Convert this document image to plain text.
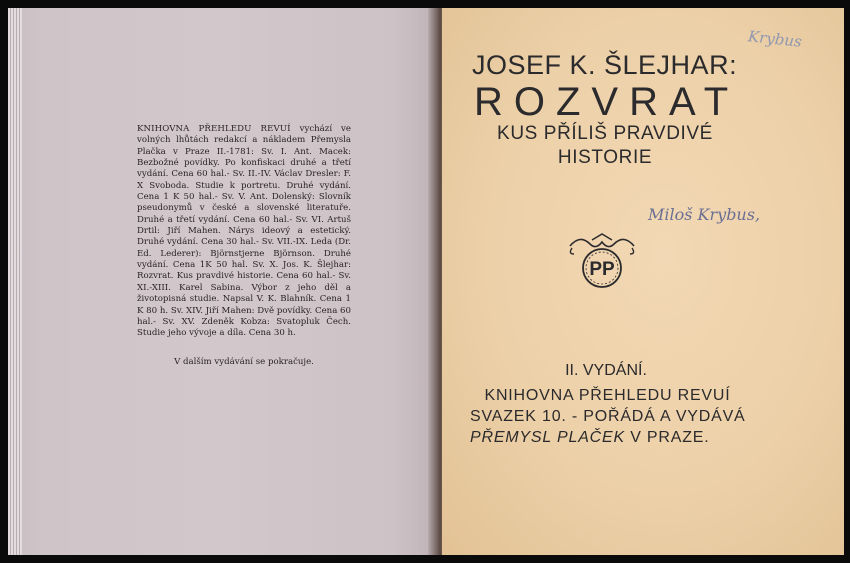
KNIHOVNA PŘEHLEDU REVUÍ vychází ve volných lhůtách redakcí a nákladem Přemysla Plačka v Praze II.-1781: Sv. I. Ant. Macek: Bezbožné povídky. Po konfiskaci druhé a třetí vydání. Cena 60 hal.- Sv. II.-IV. Václav Dresler: F. X Svoboda. Studie k portretu. Druhé vydání. Cena 1 K 50 hal.- Sv. V. Ant. Dolenský: Slovník pseudonymů v české a slovenské literatuře. Druhé a třetí vydání. Cena 60 hal.- Sv. VI. Artuš Drtil: Jiří Mahen. Nárys ideový a estetický. Druhé vydání. Cena 30 hal.- Sv. VII.-IX. Leda (Dr. Ed. Lederer): Björnstjerne Björnson. Druhé vydání. Cena 1K 50 hal. Sv. X. Jos. K. Šlejhar: Rozvrat. Kus pravdivé historie. Cena 60 hal.- Sv. XI.-XIII. Karel Sabina. Výbor z jeho děl a životopisná studie. Napsal V. K. Blahník. Cena 1 K 80 h. Sv. XIV. Jiří Mahen: Dvě povídky. Cena 60 hal.- Sv. XV. Zdeněk Kobza: Svatopluk Čech. Studie jeho vývoje a díla. Cena 30 h.
V dalším vydávání se pokračuje.
Krybus
JOSEF K. ŠLEJHAR:
ROZVRAT
KUS PŘÍLIŠ PRAVDIVÉ
HISTORIE
Miloš Krybus,
PP
II. VYDÁNÍ.
KNIHOVNA PŘEHLEDU REVUÍ
SVAZEK 10. - POŘÁDÁ A VYDÁVÁ
PŘEMYSL PLAČEK V PRAZE.
